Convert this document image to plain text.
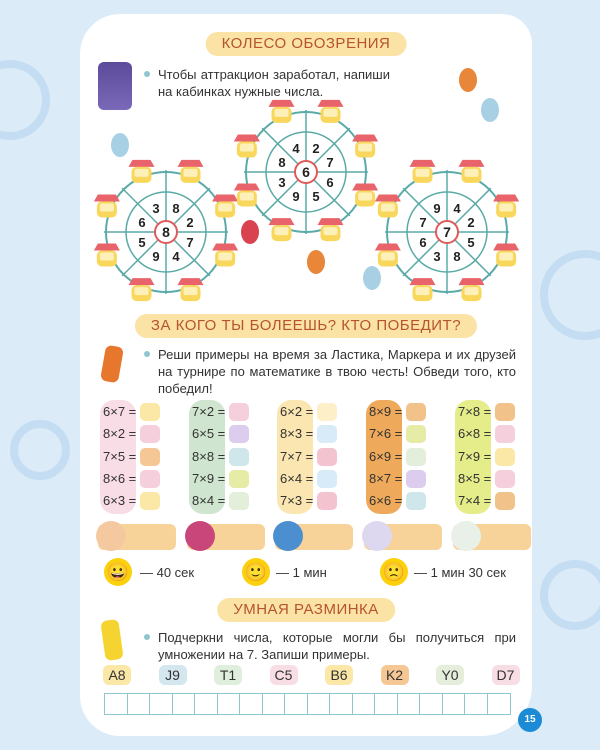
КОЛЕСО ОБОЗРЕНИЯ
Чтобы аттракцион заработал, напиши на кабинках нужные числа.
8
3 8
2
7
4
9
5
6
6
4 2
7
6
5
9
3
8
7
9 4
2
5
8
3
6
7
ЗА КОГО ТЫ БОЛЕЕШЬ? КТО ПОБЕДИТ?
Реши примеры на время за Ластика, Маркера и их друзей на турнире по математике в твою честь! Обведи того, кто победил!
6×7 =
8×2 =
7×5 =
8×6 =
6×3 =
7×2 =
6×5 =
8×8 =
7×9 =
8×4 =
6×2 =
8×3 =
7×7 =
6×4 =
7×3 =
8×9 =
7×6 =
6×9 =
8×7 =
6×6 =
7×8 =
6×8 =
7×9 =
8×5 =
7×4 =
😀 — 40 сек	🙂 — 1 мин	🙁 — 1 мин 30 сек
УМНАЯ РАЗМИНКА
Подчеркни числа, которые могли бы получиться при умножении на 7. Запиши примеры.
A8	J9	T1	C5	B6	K2	Y0	D7
15
